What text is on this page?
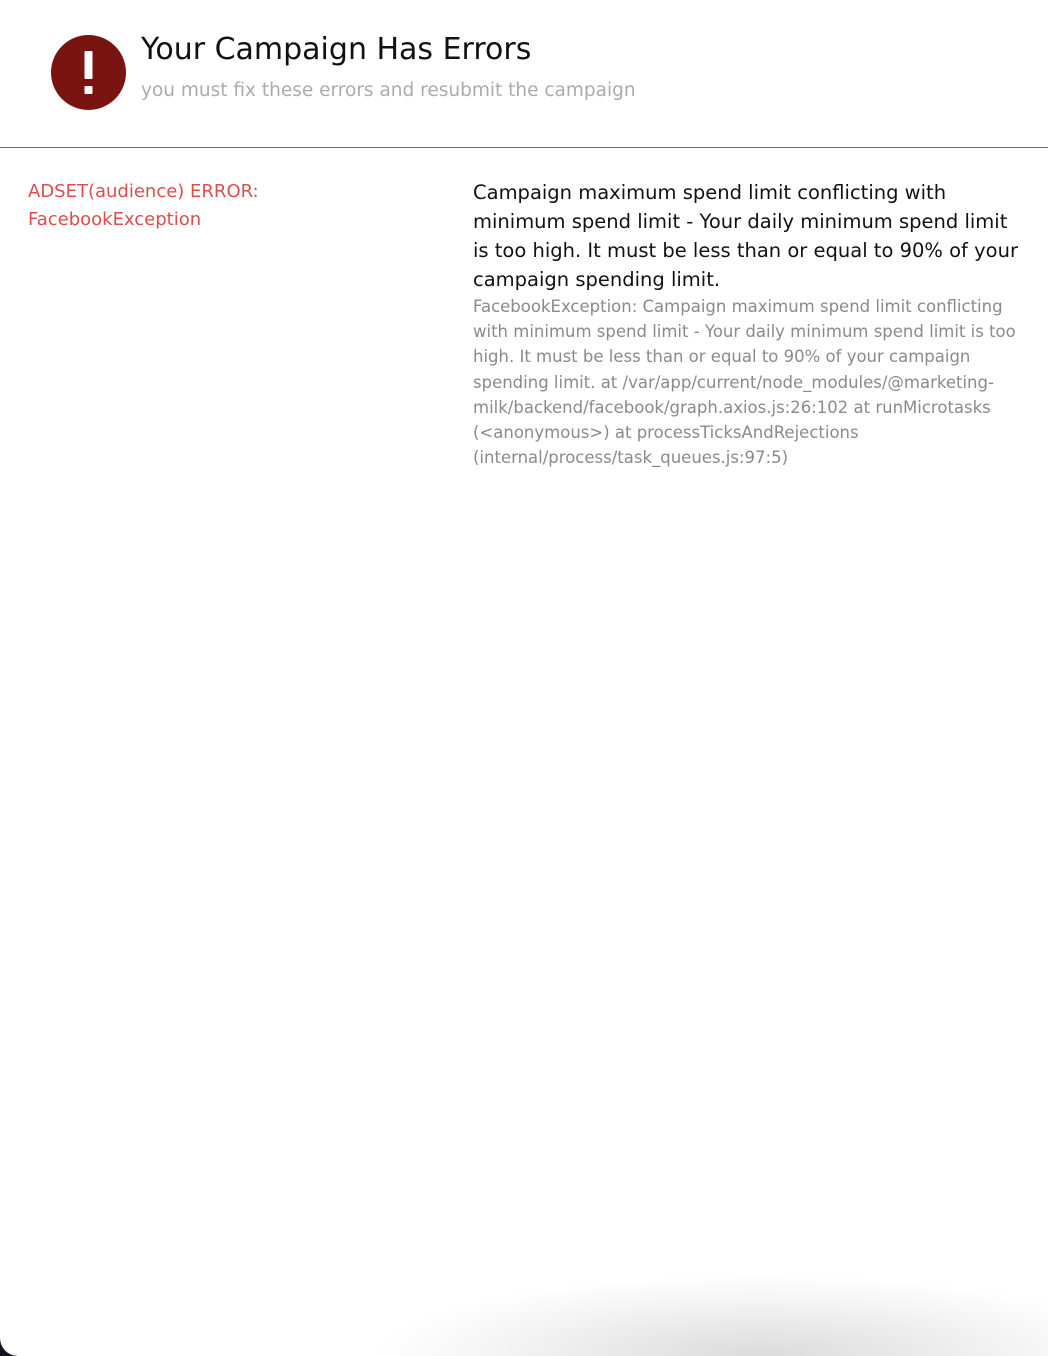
Your Campaign Has Errors

you must fix these errors and resubmit the campaign

ADSET(audience) ERROR: FacebookException

Campaign maximum spend limit conflicting with minimum spend limit - Your daily minimum spend limit is too high. It must be less than or equal to 90% of your campaign spending limit.

FacebookException: Campaign maximum spend limit conflicting with minimum spend limit - Your daily minimum spend limit is too high. It must be less than or equal to 90% of your campaign spending limit. at /var/app/current/node_modules/@marketing-milk/backend/facebook/graph.axios.js:26:102 at runMicrotasks (<anonymous>) at processTicksAndRejections (internal/process/task_queues.js:97:5)
